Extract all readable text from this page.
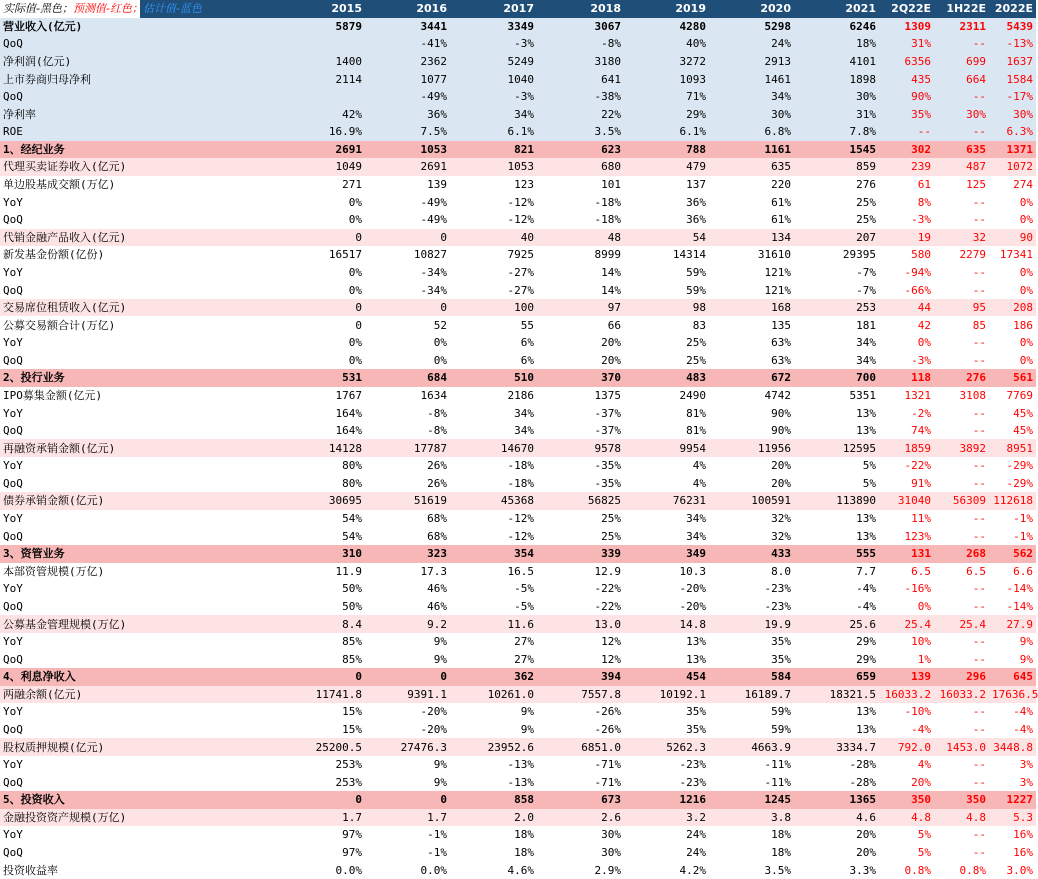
实际值-黑色；预测值-红色；估计值-蓝色	2015	2016	2017	2018	2019	2020	2021	2Q22E	1H22E	2022E
营业收入(亿元)	5879	3441	3349	3067	4280	5298	6246	1309	2311	5439
QoQ		-41%	-3%	-8%	40%	24%	18%	31%	--	-13%
净利润(亿元)	1400	2362	5249	3180	3272	2913	4101	6356	699	1637
上市券商归母净利	2114	1077	1040	641	1093	1461	1898	435	664	1584
QoQ		-49%	-3%	-38%	71%	34%	30%	90%	--	-17%
净利率	42%	36%	34%	22%	29%	30%	31%	35%	30%	30%
ROE	16.9%	7.5%	6.1%	3.5%	6.1%	6.8%	7.8%	--	--	6.3%
1、经纪业务	2691	1053	821	623	788	1161	1545	302	635	1371
代理买卖证券收入(亿元)	1049	2691	1053	680	479	635	859	239	487	1072
单边股基成交额(万亿)	271	139	123	101	137	220	276	61	125	274
YoY	0%	-49%	-12%	-18%	36%	61%	25%	8%	--	0%
QoQ	0%	-49%	-12%	-18%	36%	61%	25%	-3%	--	0%
代销金融产品收入(亿元)	0	0	40	48	54	134	207	19	32	90
新发基金份额(亿份)	16517	10827	7925	8999	14314	31610	29395	580	2279	17341
YoY	0%	-34%	-27%	14%	59%	121%	-7%	-94%	--	0%
QoQ	0%	-34%	-27%	14%	59%	121%	-7%	-66%	--	0%
交易席位租赁收入(亿元)	0	0	100	97	98	168	253	44	95	208
公募交易额合计(万亿)	0	52	55	66	83	135	181	42	85	186
YoY	0%	0%	6%	20%	25%	63%	34%	0%	--	0%
QoQ	0%	0%	6%	20%	25%	63%	34%	-3%	--	0%
2、投行业务	531	684	510	370	483	672	700	118	276	561
IPO募集金额(亿元)	1767	1634	2186	1375	2490	4742	5351	1321	3108	7769
YoY	164%	-8%	34%	-37%	81%	90%	13%	-2%	--	45%
QoQ	164%	-8%	34%	-37%	81%	90%	13%	74%	--	45%
再融资承销金额(亿元)	14128	17787	14670	9578	9954	11956	12595	1859	3892	8951
YoY	80%	26%	-18%	-35%	4%	20%	5%	-22%	--	-29%
QoQ	80%	26%	-18%	-35%	4%	20%	5%	91%	--	-29%
债券承销金额(亿元)	30695	51619	45368	56825	76231	100591	113890	31040	56309	112618
YoY	54%	68%	-12%	25%	34%	32%	13%	11%	--	-1%
QoQ	54%	68%	-12%	25%	34%	32%	13%	123%	--	-1%
3、资管业务	310	323	354	339	349	433	555	131	268	562
本部资管规模(万亿)	11.9	17.3	16.5	12.9	10.3	8.0	7.7	6.5	6.5	6.6
YoY	50%	46%	-5%	-22%	-20%	-23%	-4%	-16%	--	-14%
QoQ	50%	46%	-5%	-22%	-20%	-23%	-4%	0%	--	-14%
公募基金管理规模(万亿)	8.4	9.2	11.6	13.0	14.8	19.9	25.6	25.4	25.4	27.9
YoY	85%	9%	27%	12%	13%	35%	29%	10%	--	9%
QoQ	85%	9%	27%	12%	13%	35%	29%	1%	--	9%
4、利息净收入	0	0	362	394	454	584	659	139	296	645
两融余额(亿元)	11741.8	9391.1	10261.0	7557.8	10192.1	16189.7	18321.5	16033.2	16033.2	17636.5
YoY	15%	-20%	9%	-26%	35%	59%	13%	-10%	--	-4%
QoQ	15%	-20%	9%	-26%	35%	59%	13%	-4%	--	-4%
股权质押规模(亿元)	25200.5	27476.3	23952.6	6851.0	5262.3	4663.9	3334.7	792.0	1453.0	3448.8
YoY	253%	9%	-13%	-71%	-23%	-11%	-28%	4%	--	3%
QoQ	253%	9%	-13%	-71%	-23%	-11%	-28%	20%	--	3%
5、投资收入	0	0	858	673	1216	1245	1365	350	350	1227
金融投资资产规模(万亿)	1.7	1.7	2.0	2.6	3.2	3.8	4.6	4.8	4.8	5.3
YoY	97%	-1%	18%	30%	24%	18%	20%	5%	--	16%
QoQ	97%	-1%	18%	30%	24%	18%	20%	5%	--	16%
投资收益率	0.0%	0.0%	4.6%	2.9%	4.2%	3.5%	3.3%	0.8%	0.8%	3.0%
